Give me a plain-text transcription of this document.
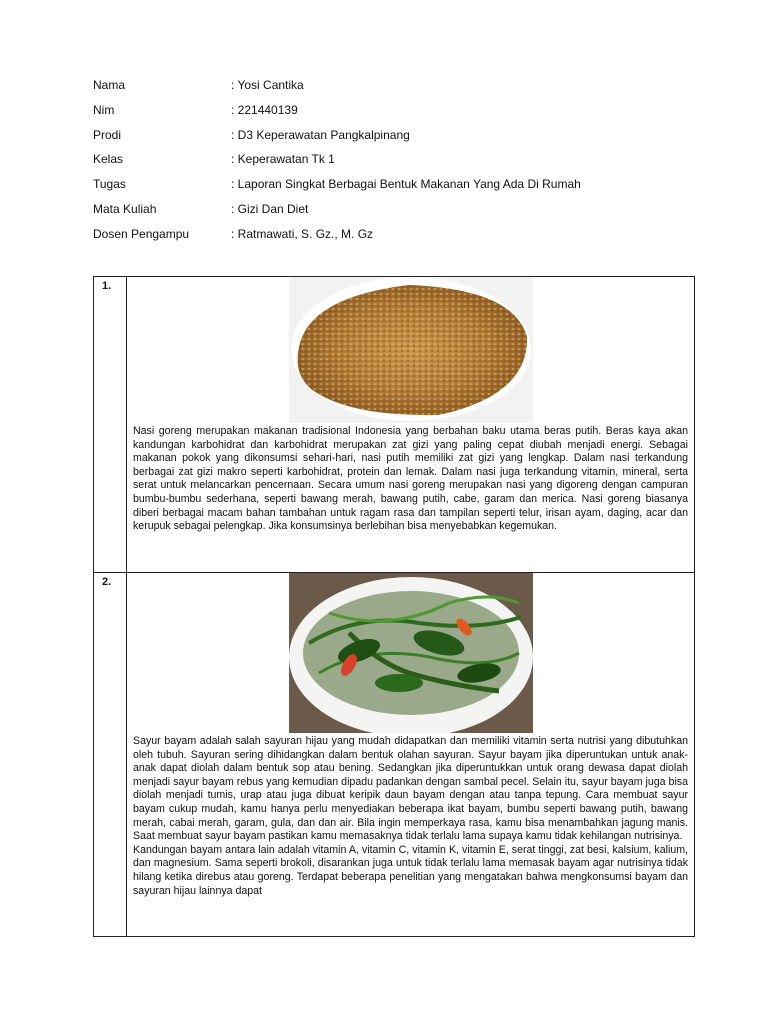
Nama	: Yosi Cantika
Nim	: 221440139
Prodi	: D3 Keperawatan Pangkalpinang
Kelas	: Keperawatan Tk 1
Tugas	: Laporan Singkat Berbagai Bentuk Makanan Yang Ada Di Rumah
Mata Kuliah	: Gizi Dan Diet
Dosen Pengampu	: Ratmawati, S. Gz., M. Gz
1.	Nasi goreng merupakan makanan tradisional Indonesia yang berbahan baku utama beras putih. Beras kaya akan kandungan karbohidrat dan karbohidrat merupakan zat gizi yang paling cepat diubah menjadi energi. Sebagai makanan pokok yang dikonsumsi sehari-hari, nasi putih memiliki zat gizi yang lengkap. Dalam nasi terkandung berbagai zat gizi makro seperti karbohidrat, protein dan lemak. Dalam nasi juga terkandung vitamin, mineral, serta serat untuk melancarkan pencernaan. Secara umum nasi goreng merupakan nasi yang digoreng dengan campuran bumbu-bumbu sederhana, seperti bawang merah, bawang putih, cabe, garam dan merica. Nasi goreng biasanya diberi berbagai macam bahan tambahan untuk ragam rasa dan tampilan seperti telur, irisan ayam, daging, acar dan kerupuk sebagai pelengkap. Jika konsumsinya berlebihan bisa menyebabkan kegemukan.

2.	Sayur bayam adalah salah sayuran hijau yang mudah didapatkan dan memiliki vitamin serta nutrisi yang dibutuhkan oleh tubuh. Sayuran sering dihidangkan dalam bentuk olahan sayuran. Sayur bayam jika diperuntukan untuk anak-anak dapat diolah dalam bentuk sop atau bening. Sedangkan jika diperuntukkan untuk orang dewasa dapat diolah menjadi sayur bayam rebus yang kemudian dipadu padankan dengan sambal pecel. Selain itu, sayur bayam juga bisa diolah menjadi tumis, urap atau juga dibuat keripik daun bayam dengan atau tanpa tepung. Cara membuat sayur bayam cukup mudah, kamu hanya perlu menyediakan beberapa ikat bayam, bumbu seperti bawang putih, bawang merah, cabai merah, garam, gula, dan dan air. Bila ingin memperkaya rasa, kamu bisa menambahkan jagung manis. Saat membuat sayur bayam pastikan kamu memasaknya tidak terlalu lama supaya kamu tidak kehilangan nutrisinya.
Kandungan bayam antara lain adalah vitamin A, vitamin C, vitamin K, vitamin E, serat tinggi, zat besi, kalsium, kalium, dan magnesium. Sama seperti brokoli, disarankan juga untuk tidak terlalu lama memasak bayam agar nutrisinya tidak hilang ketika direbus atau goreng. Terdapat beberapa penelitian yang mengatakan bahwa mengkonsumsi bayam dan sayuran hijau lainnya dapat
